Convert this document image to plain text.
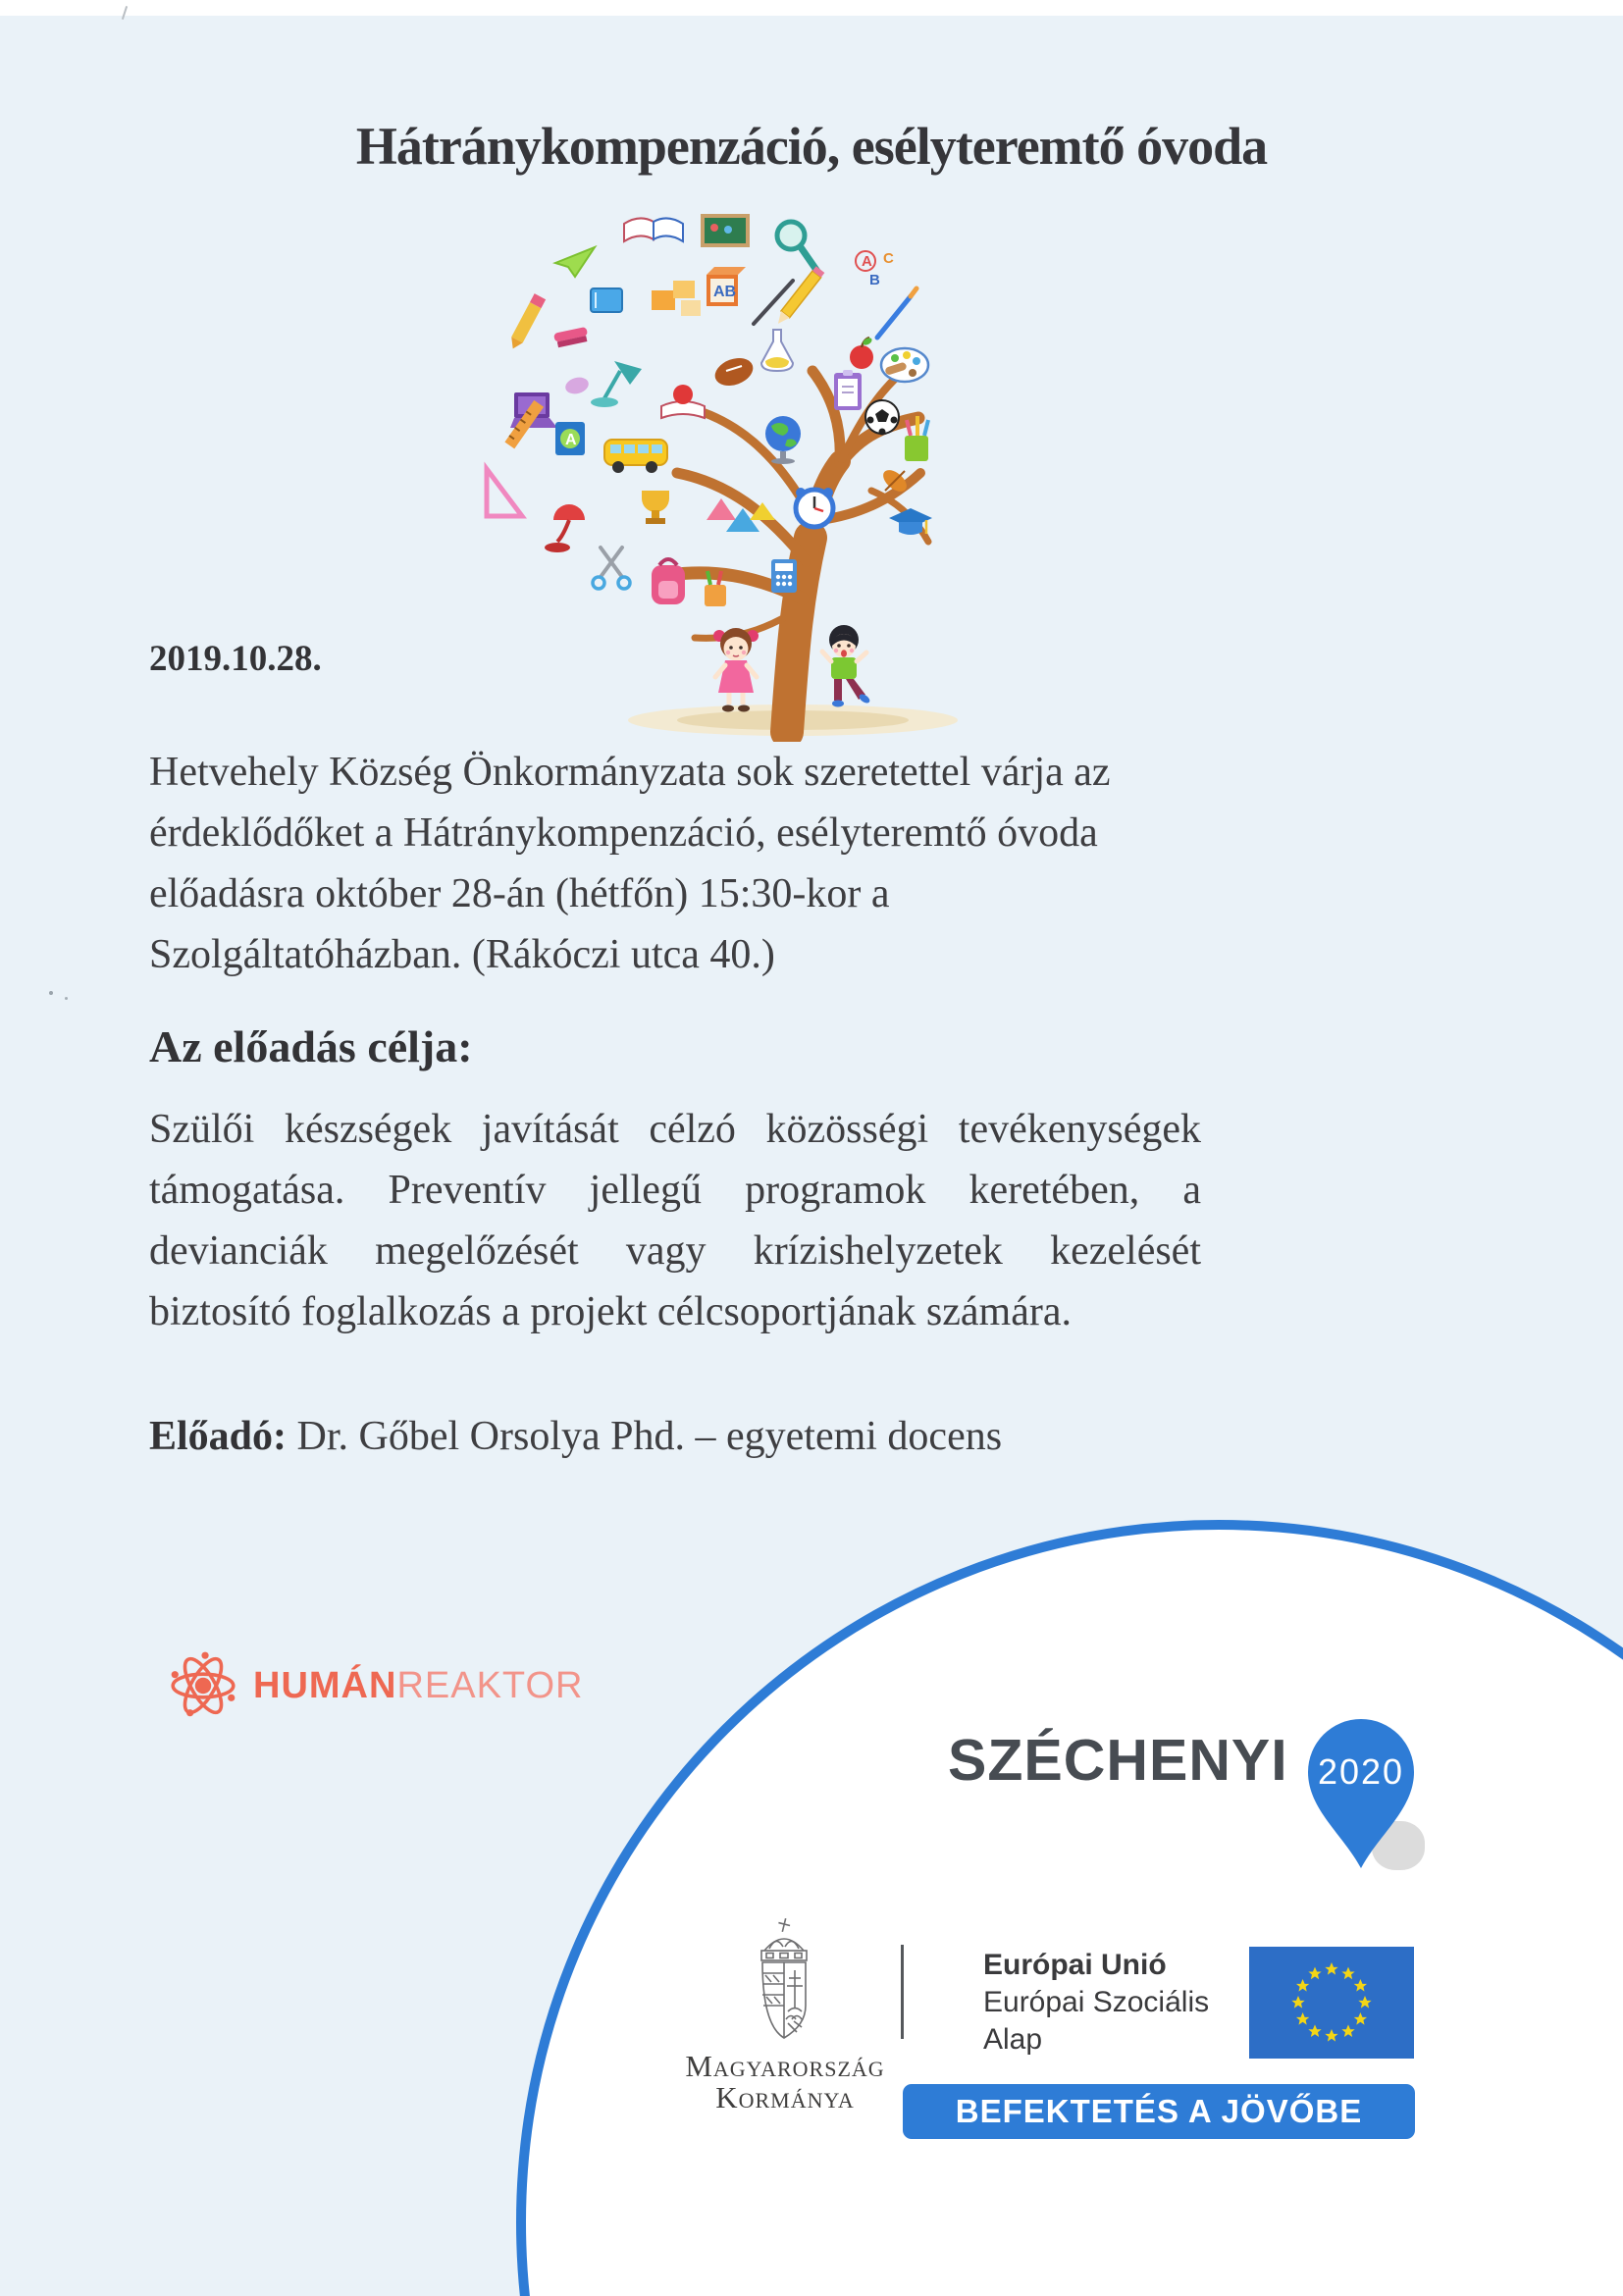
Hátránykompenzáció, esélyteremtő óvoda
A C
B
AB
A
2019.10.28.
Hetvehely Község Önkormányzata sok szeretettel várja az
érdeklődőket a Hátránykompenzáció, esélyteremtő óvoda
előadásra október 28-án (hétfőn) 15:30-kor a
Szolgáltatóházban. (Rákóczi utca 40.)
Az előadás célja:
Szülői készségek javítását célzó közösségi tevékenységek
támogatása. Preventív jellegű programok keretében, a
devianciák megelőzését vagy krízishelyzetek kezelését
biztosító foglalkozás a projekt célcsoportjának számára.
Előadó: Dr. Gőbel Orsolya Phd. – egyetemi docens
HUMÁNREAKTOR
SZÉCHENYI 2020
Magyarország
Kormánya
Európai Unió
Európai Szociális
Alap
BEFEKTETÉS A JÖVŐBE
